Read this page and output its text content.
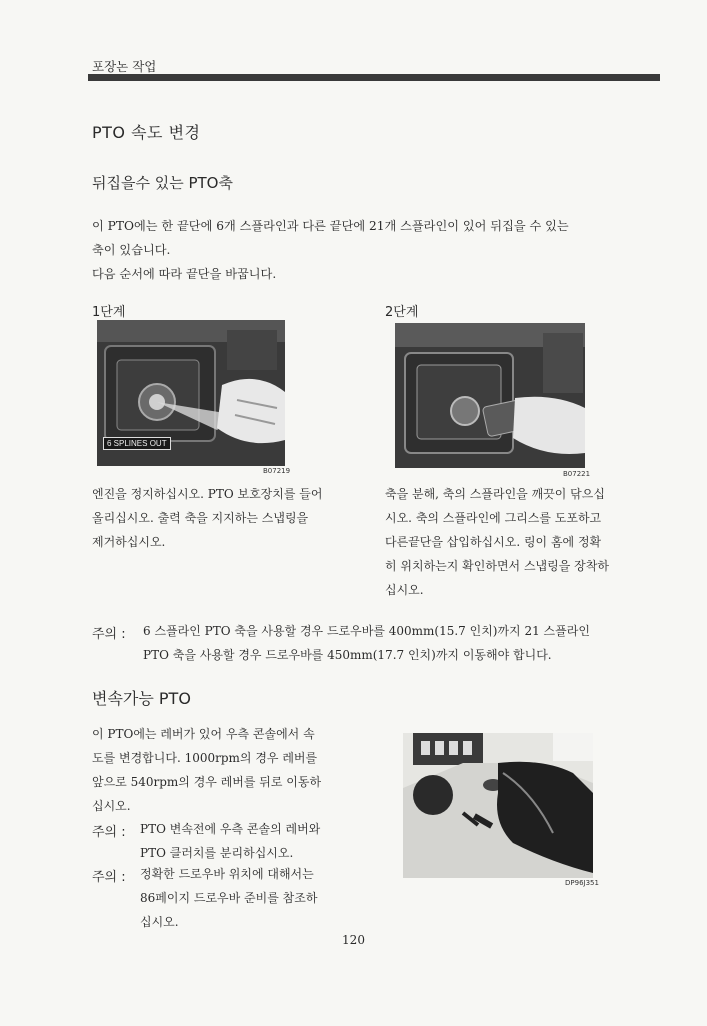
포장논 작업
PTO 속도 변경
뒤집을수 있는 PTO축
이 PTO에는 한 끝단에 6개 스플라인과 다른 끝단에 21개 스플라인이 있어 뒤집을 수 있는
축이 있습니다.
다음 순서에 따라 끝단을 바꿉니다.
1단계
6 SPLINES OUT
B07219
엔진을 정지하십시오. PTO 보호장치를 들어
올리십시오. 출력 축을 지지하는 스냅링을
제거하십시오.
2단계
B07221
축을 분해, 축의 스플라인을 깨끗이 닦으십
시오. 축의 스플라인에 그리스를 도포하고
다른끝단을 삽입하십시오. 링이 홈에 정확
히 위치하는지 확인하면서 스냅링을 장착하
십시오.
주의 : 6 스플라인 PTO 축을 사용할 경우 드로우바를 400mm(15.7 인치)까지 21 스플라인
PTO 축을 사용할 경우 드로우바를 450mm(17.7 인치)까지 이동해야 합니다.
변속가능 PTO
이 PTO에는 레버가 있어 우측 콘솔에서 속
도를 변경합니다. 1000rpm의 경우 레버를
앞으로 540rpm의 경우 레버를 뒤로 이동하
십시오.
주의 : PTO 변속전에 우측 콘솔의 레버와
PTO 클러치를 분리하십시오.
주의 : 정확한 드로우바 위치에 대해서는
86페이지 드로우바 준비를 참조하
십시오.
DP96J351
120
